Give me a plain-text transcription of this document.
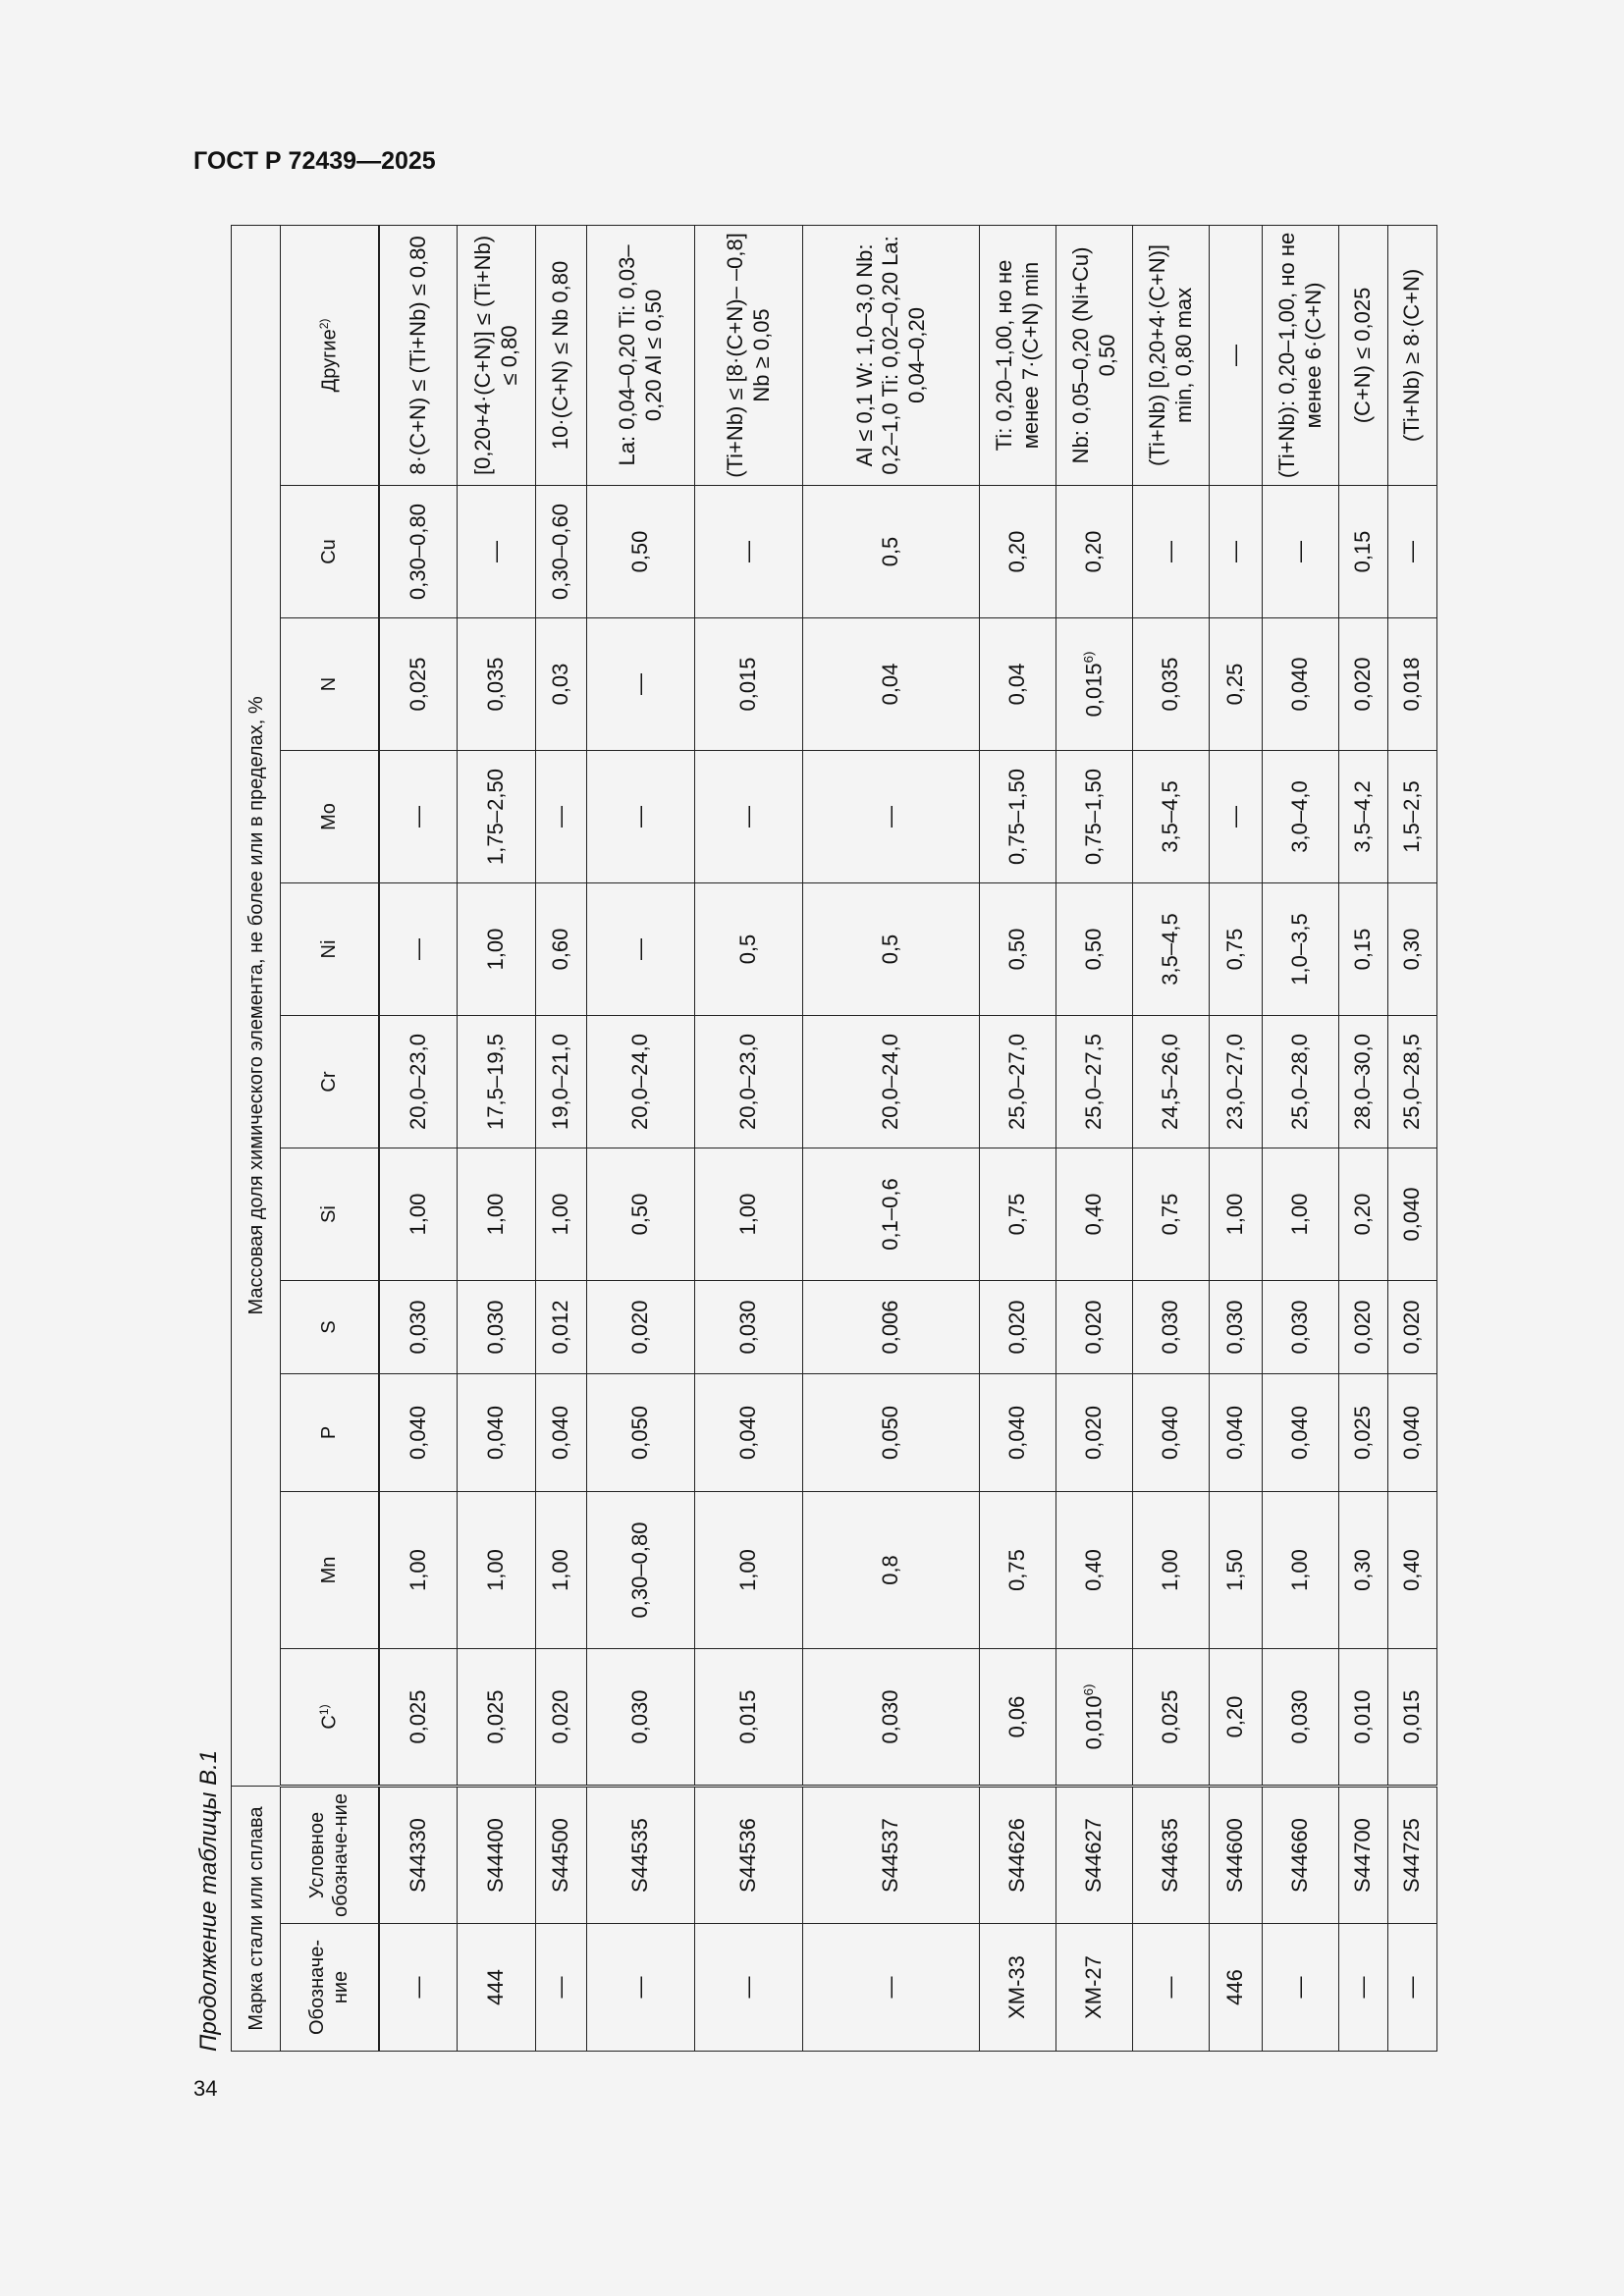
ГОСТ Р 72439—2025
34
Продолжение таблицы В.1 Марка стали или сплава		Массовая доля химического элемента, не более или в пределах, %										
Обозначе-ние	Условное обозначе-ние	$C^{1)}$	Mn	P	S	Si	Cr	Ni	Mo	N	Cu	Другие$^{2)}$
—	S44330	0,025	1,00	0,040	0,030	1,00	20,0–23,0	—	—	0,025	0,30–0,80	8·(C+N) ≤ (Ti+Nb) ≤ 0,80
444	S44400	0,025	1,00	0,040	0,030	1,00	17,5–19,5	1,00	1,75–2,50	0,035	—	[0,20+4·(C+N)] ≤ (Ti+Nb) ≤ 0,80
—	S44500	0,020	1,00	0,040	0,012	1,00	19,0–21,0	0,60	—	0,03	0,30–0,60	10·(C+N) ≤ Nb 0,80
—	S44535	0,030	0,30–0,80	0,050	0,020	0,50	20,0–24,0	—	—	—	0,50	La: 0,04–0,20 Ti: 0,03–0,20 Al ≤ 0,50
—	S44536	0,015	1,00	0,040	0,030	1,00	20,0–23,0	0,5	—	0,015	—	(Ti+Nb) ≤ [8·(C+N)– –0,8] Nb ≥ 0,05
—	S44537	0,030	0,8	0,050	0,006	0,1–0,6	20,0–24,0	0,5	—	0,04	0,5	Al ≤ 0,1 W: 1,0–3,0 Nb: 0,2–1,0 Ti: 0,02–0,20 La: 0,04–0,20
XM-33	S44626	0,06	0,75	0,040	0,020	0,75	25,0–27,0	0,50	0,75–1,50	0,04	0,20	Ti: 0,20–1,00, но не менее 7·(C+N) min
XM-27	S44627	0,010$^{6)}$	0,40	0,020	0,020	0,40	25,0–27,5	0,50	0,75–1,50	0,015$^{6)}$	0,20	Nb: 0,05–0,20 (Ni+Cu) 0,50
—	S44635	0,025	1,00	0,040	0,030	0,75	24,5–26,0	3,5–4,5	3,5–4,5	0,035	—	(Ti+Nb) [0,20+4·(C+N)] min, 0,80 max
446	S44600	0,20	1,50	0,040	0,030	1,00	23,0–27,0	0,75	—	0,25	—	—
—	S44660	0,030	1,00	0,040	0,030	1,00	25,0–28,0	1,0–3,5	3,0–4,0	0,040	—	(Ti+Nb): 0,20–1,00, но не менее 6·(C+N)
—	S44700	0,010	0,30	0,025	0,020	0,20	28,0–30,0	0,15	3,5–4,2	0,020	0,15	(C+N) ≤ 0,025
—	S44725	0,015	0,40	0,040	0,020	0,040	25,0–28,5	0,30	1,5–2,5	0,018	—	(Ti+Nb) ≥ 8·(C+N)
